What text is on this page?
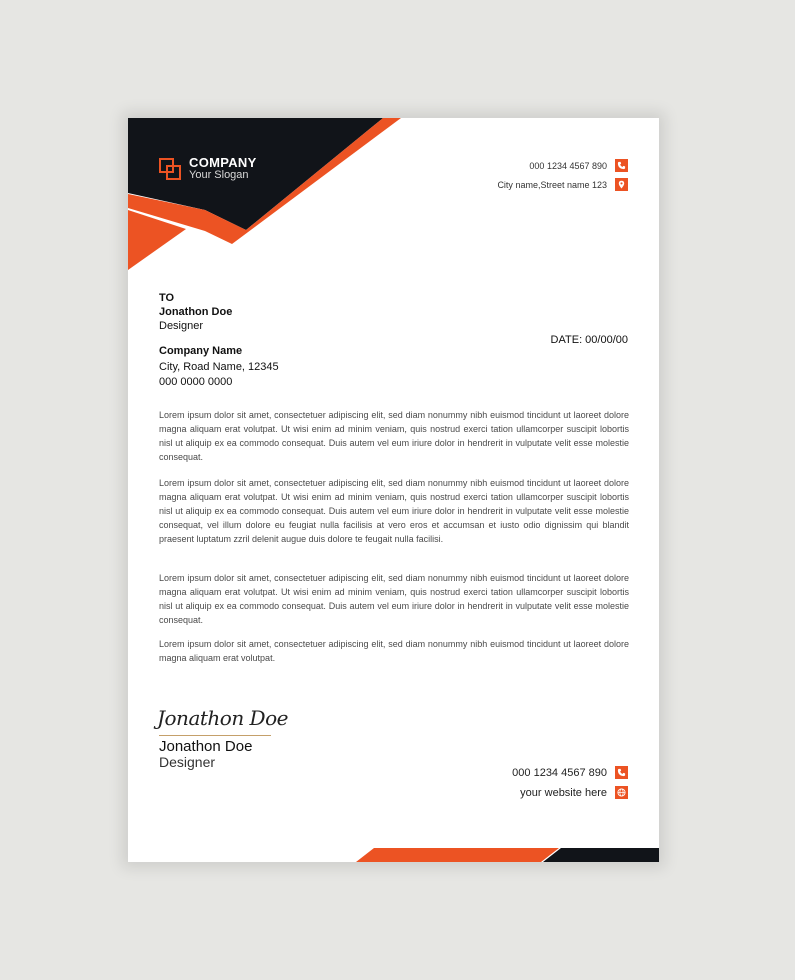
COMPANY
Your Slogan
000 1234 4567 890
City name,Street name 123
TO
Jonathon Doe
Designer
Company Name
City, Road Name, 12345
000 0000 0000
DATE: 00/00/00

Lorem ipsum dolor sit amet, consectetuer adipiscing elit, sed diam nonummy nibh euismod tincidunt ut laoreet dolore magna aliquam erat volutpat. Ut wisi enim ad minim veniam, quis nostrud exerci tation ullamcorper suscipit lobortis nisl ut aliquip ex ea commodo consequat. Duis autem vel eum iriure dolor in hendrerit in vulputate velit esse molestie consequat.

Lorem ipsum dolor sit amet, consectetuer adipiscing elit, sed diam nonummy nibh euismod tincidunt ut laoreet dolore magna aliquam erat volutpat. Ut wisi enim ad minim veniam, quis nostrud exerci tation ullamcorper suscipit lobortis nisl ut aliquip ex ea commodo consequat. Duis autem vel eum iriure dolor in hendrerit in vulputate velit esse molestie consequat, vel illum dolore eu feugiat nulla facilisis at vero eros et accumsan et iusto odio dignissim qui blandit praesent luptatum zzril delenit augue duis dolore te feugait nulla facilisi.

Lorem ipsum dolor sit amet, consectetuer adipiscing elit, sed diam nonummy nibh euismod tincidunt ut laoreet dolore magna aliquam erat volutpat. Ut wisi enim ad minim veniam, quis nostrud exerci tation ullamcorper suscipit lobortis nisl ut aliquip ex ea commodo consequat. Duis autem vel eum iriure dolor in hendrerit in vulputate velit esse molestie consequat.

Lorem ipsum dolor sit amet, consectetuer adipiscing elit, sed diam nonummy nibh euismod tincidunt ut laoreet dolore magna aliquam erat volutpat.

Jonathon Doe
Jonathon Doe
Designer
000 1234 4567 890
your website here
